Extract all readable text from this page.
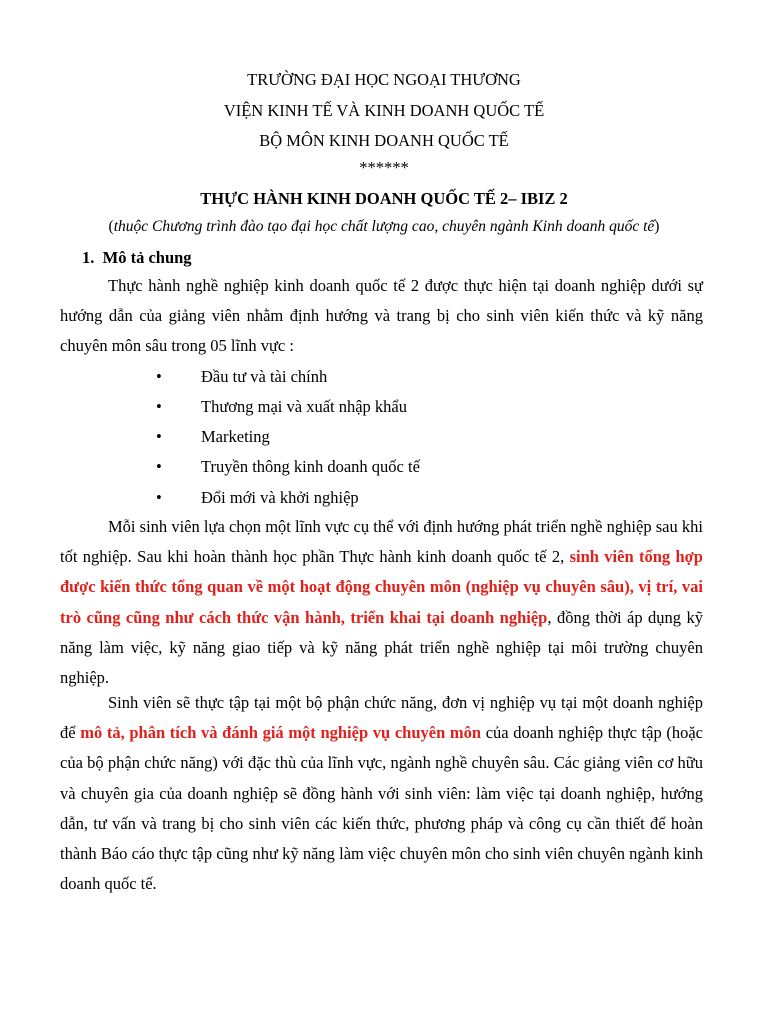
TRƯỜNG ĐẠI HỌC NGOẠI THƯƠNG
VIỆN KINH TẾ VÀ KINH DOANH QUỐC TẾ
BỘ MÔN KINH DOANH QUỐC TẾ
******
THỰC HÀNH KINH DOANH QUỐC TẾ 2– IBIZ 2
(thuộc Chương trình đào tạo đại học chất lượng cao, chuyên ngành Kinh doanh quốc tế)
1. Mô tả chung

Thực hành nghề nghiệp kinh doanh quốc tế 2 được thực hiện tại doanh nghiệp dưới sự hướng dẫn của giảng viên nhằm định hướng và trang bị cho sinh viên kiến thức và kỹ năng chuyên môn sâu trong 05 lĩnh vực :

• Đầu tư và tài chính
• Thương mại và xuất nhập khẩu
• Marketing
• Truyền thông kinh doanh quốc tế
• Đổi mới và khởi nghiệp

Mỗi sinh viên lựa chọn một lĩnh vực cụ thể với định hướng phát triển nghề nghiệp sau khi tốt nghiệp. Sau khi hoàn thành học phần Thực hành kinh doanh quốc tế 2, sinh viên tổng hợp được kiến thức tổng quan về một hoạt động chuyên môn (nghiệp vụ chuyên sâu), vị trí, vai trò cũng cũng như cách thức vận hành, triển khai tại doanh nghiệp, đồng thời áp dụng kỹ năng làm việc, kỹ năng giao tiếp và kỹ năng phát triển nghề nghiệp tại môi trường chuyên nghiệp.

Sinh viên sẽ thực tập tại một bộ phận chức năng, đơn vị nghiệp vụ tại một doanh nghiệp để mô tả, phân tích và đánh giá một nghiệp vụ chuyên môn của doanh nghiệp thực tập (hoặc của bộ phận chức năng) với đặc thù của lĩnh vực, ngành nghề chuyên sâu. Các giảng viên cơ hữu và chuyên gia của doanh nghiệp sẽ đồng hành với sinh viên: làm việc tại doanh nghiệp, hướng dẫn, tư vấn và trang bị cho sinh viên các kiến thức, phương pháp và công cụ cần thiết để hoàn thành Báo cáo thực tập cũng như kỹ năng làm việc chuyên môn cho sinh viên chuyên ngành kinh doanh quốc tế.
